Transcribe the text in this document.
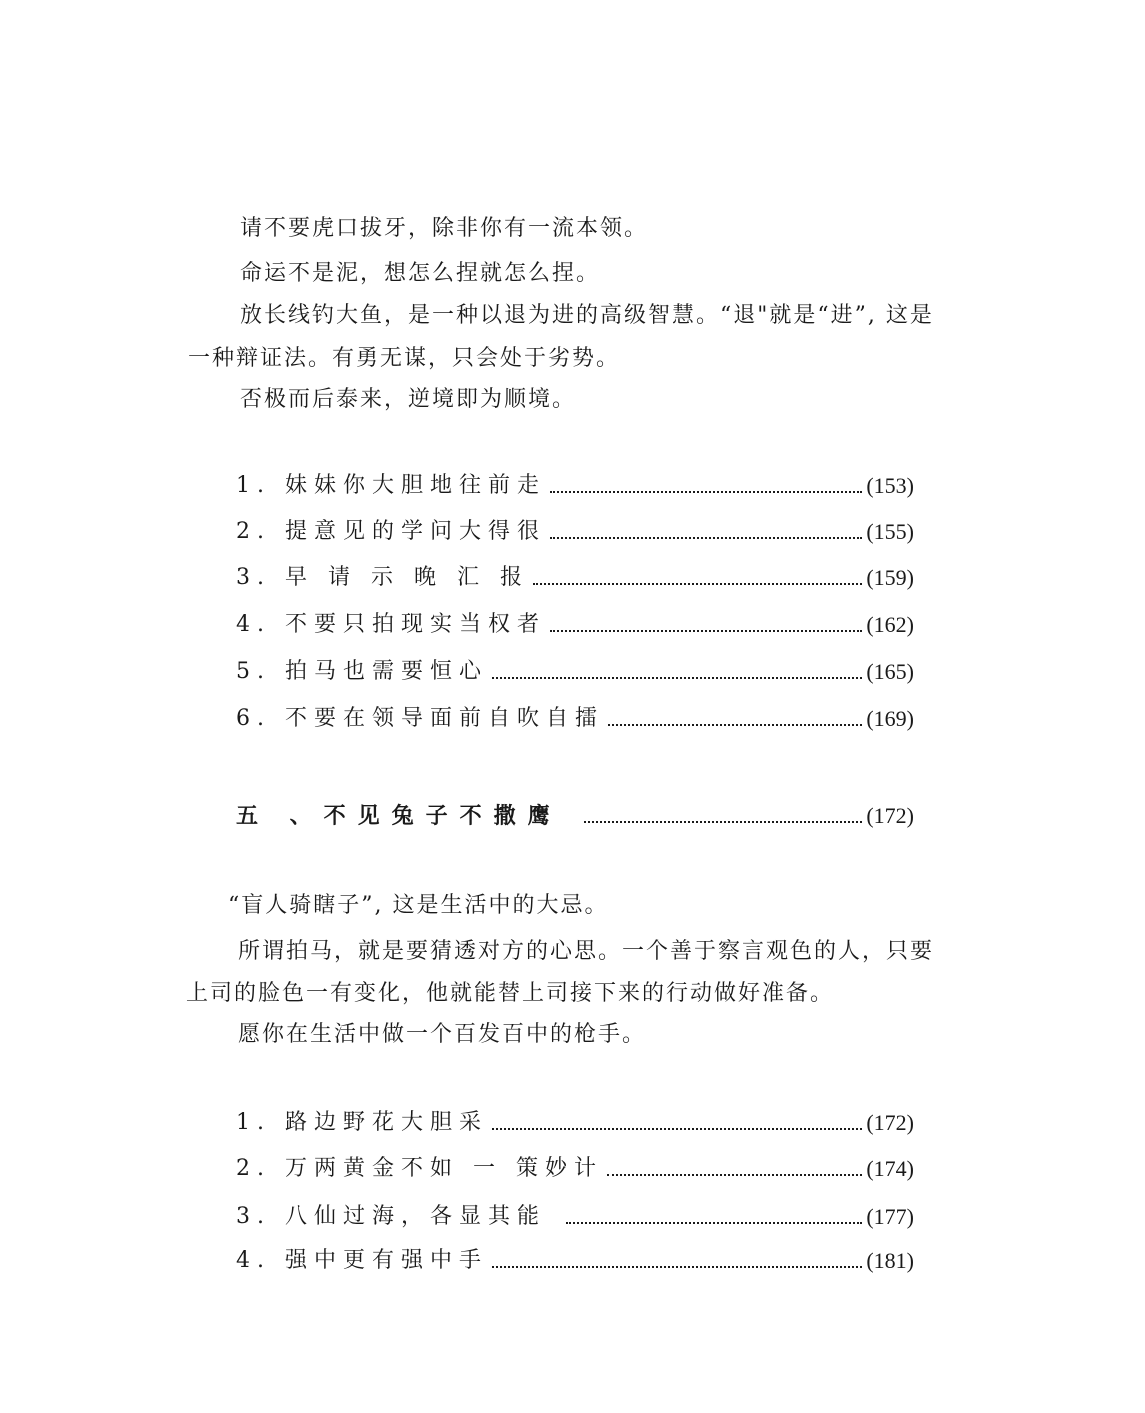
请不要虎口拔牙，除非你有一流本领。
命运不是泥，想怎么捏就怎么捏。
放长线钓大鱼，是一种以退为进的高级智慧。“退"就是“进”, 这是
一种辩证法。有勇无谋，只会处于劣势。
否极而后泰来，逆境即为顺境。
1. 妹妹你大胆地往前走	(153)
2. 提意见的学问大得很	(155)
3. 早 请 示 晚 汇 报	(159)
4. 不要只拍现实当权者	(162)
5. 拍马也需要恒心	(165)
6. 不要在领导面前自吹自擂	(169)
五 、不见兔子不撒鹰	(172)
“盲人骑瞎子”, 这是生活中的大忌。
所谓拍马，就是要猜透对方的心思。一个善于察言观色的人，只要
上司的脸色一有变化，他就能替上司接下来的行动做好准备。
愿你在生活中做一个百发百中的枪手。
1. 路边野花大胆采	(172)
2. 万两黄金不如 一 策妙计	(174)
3. 八仙过海，各显其能	(177)
4. 强中更有强中手	(181)
